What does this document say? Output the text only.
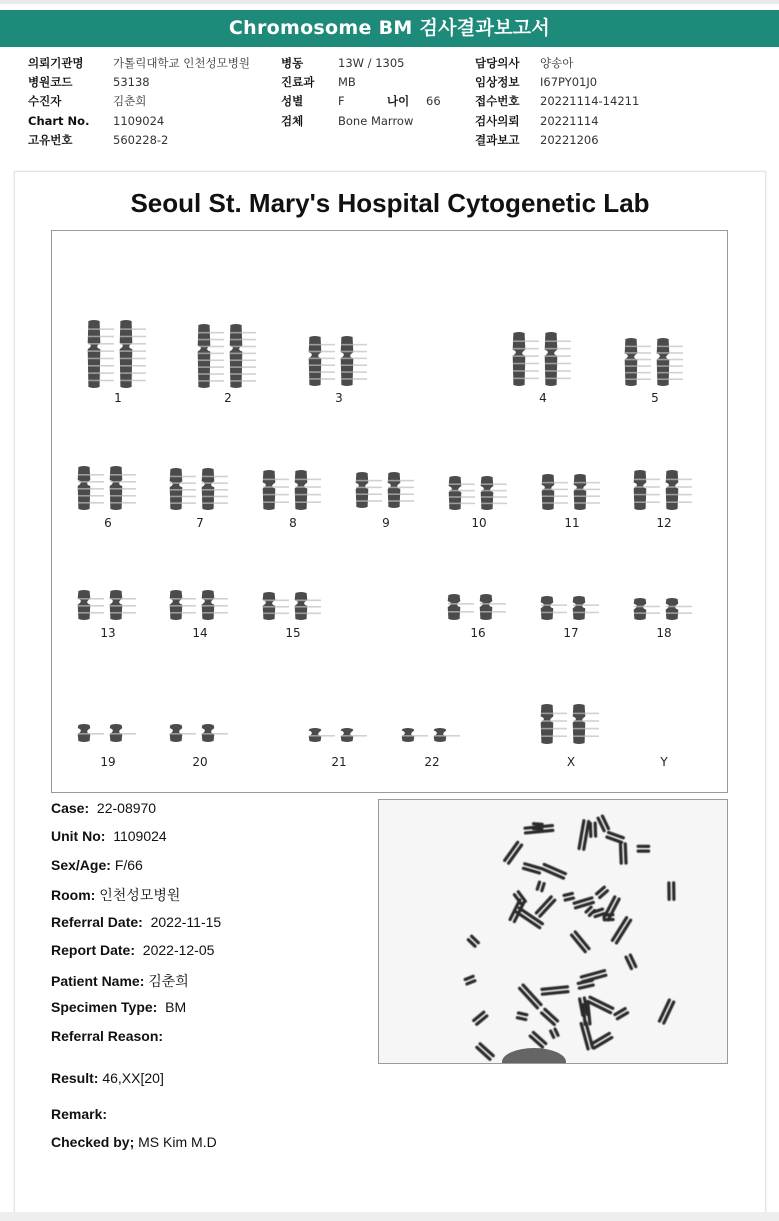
Chromosome BM 검사결과보고서
의뢰기관명	가톨릭대학교 인천성모병원	병동	13W / 1305	담당의사 양송아
병원코드	53138	진료과 MB	임상정보 I67PY01J0
수진자	김춘희	성별	F	나이 66	접수번호 20221114-14211
Chart No. 1109024	검체	Bone Marrow	검사의뢰 20221114
고유번호	560228-2	결과보고 20221206
Seoul St. Mary's Hospital Cytogenetic Lab
1	2	3	4	5
6	7	8	9	10	11	12
13	14	15	16	17	18
19	20	21	22	X	Y
Case: 22-08970
Unit No: 1109024
Sex/Age: F/66
Room: 인천성모병원
Referral Date: 2022-11-15
Report Date: 2022-12-05
Patient Name: 김춘희
Specimen Type: BM
Referral Reason:
Result: 46,XX[20]
Remark:
Checked by; MS Kim M.D
